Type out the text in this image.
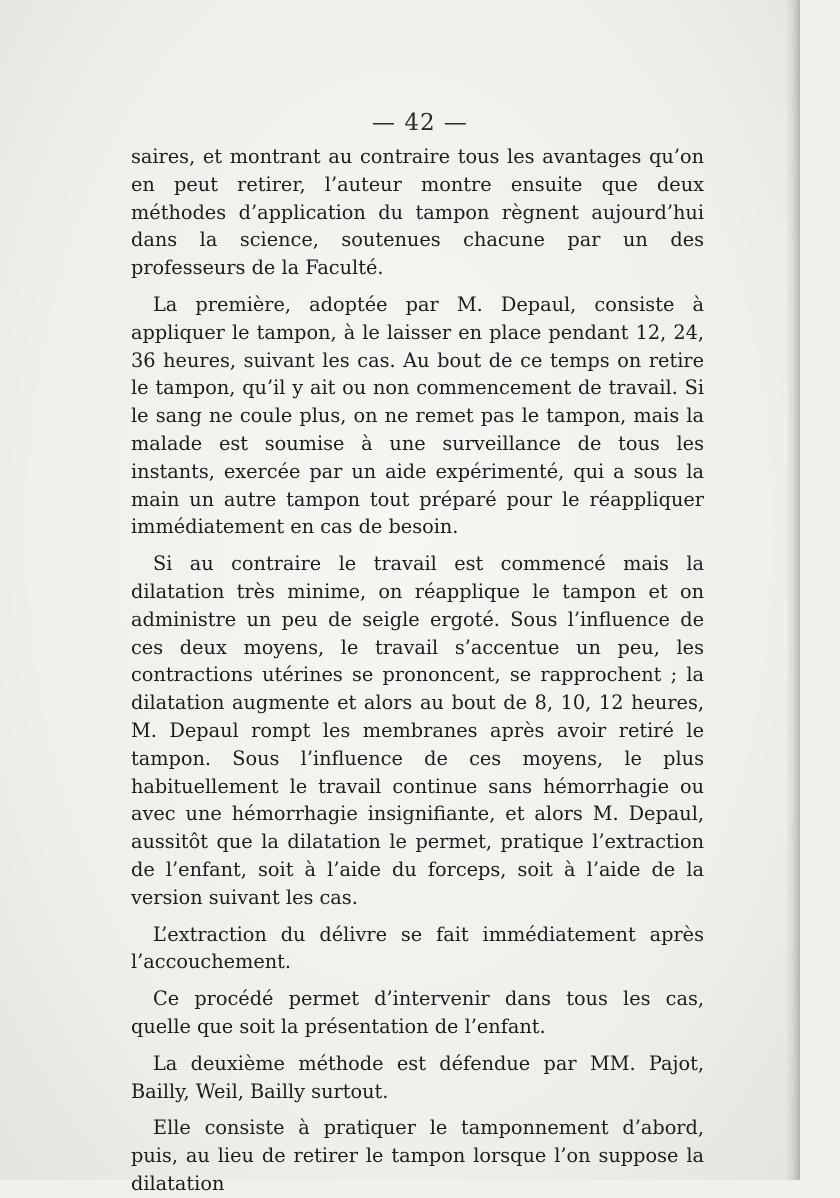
— 42 —

saires, et montrant au contraire tous les avantages qu’on en peut retirer, l’auteur montre ensuite que deux méthodes d’application du tampon règnent aujourd’hui dans la science, soutenues chacune par un des professeurs de la Faculté.

La première, adoptée par M. Depaul, consiste à appliquer le tampon, à le laisser en place pendant 12, 24, 36 heures, suivant les cas. Au bout de ce temps on retire le tampon, qu’il y ait ou non commencement de travail. Si le sang ne coule plus, on ne remet pas le tampon, mais la malade est soumise à une surveillance de tous les instants, exercée par un aide expérimenté, qui a sous la main un autre tampon tout préparé pour le réappliquer immédiatement en cas de besoin.

Si au contraire le travail est commencé mais la dilatation très minime, on réapplique le tampon et on administre un peu de seigle ergoté. Sous l’influence de ces deux moyens, le travail s’accentue un peu, les contractions utérines se prononcent, se rapprochent ; la dilatation augmente et alors au bout de 8, 10, 12 heures, M. Depaul rompt les membranes après avoir retiré le tampon. Sous l’influence de ces moyens, le plus habituellement le travail continue sans hémorrhagie ou avec une hémorrhagie insignifiante, et alors M. Depaul, aussitôt que la dilatation le permet, pratique l’extraction de l’enfant, soit à l’aide du forceps, soit à l’aide de la version suivant les cas.

L’extraction du délivre se fait immédiatement après l’accouchement.

Ce procédé permet d’intervenir dans tous les cas, quelle que soit la présentation de l’enfant.

La deuxième méthode est défendue par MM. Pajot, Bailly, Weil, Bailly surtout.

Elle consiste à pratiquer le tamponnement d’abord, puis, au lieu de retirer le tampon lorsque l’on suppose la dilatation
